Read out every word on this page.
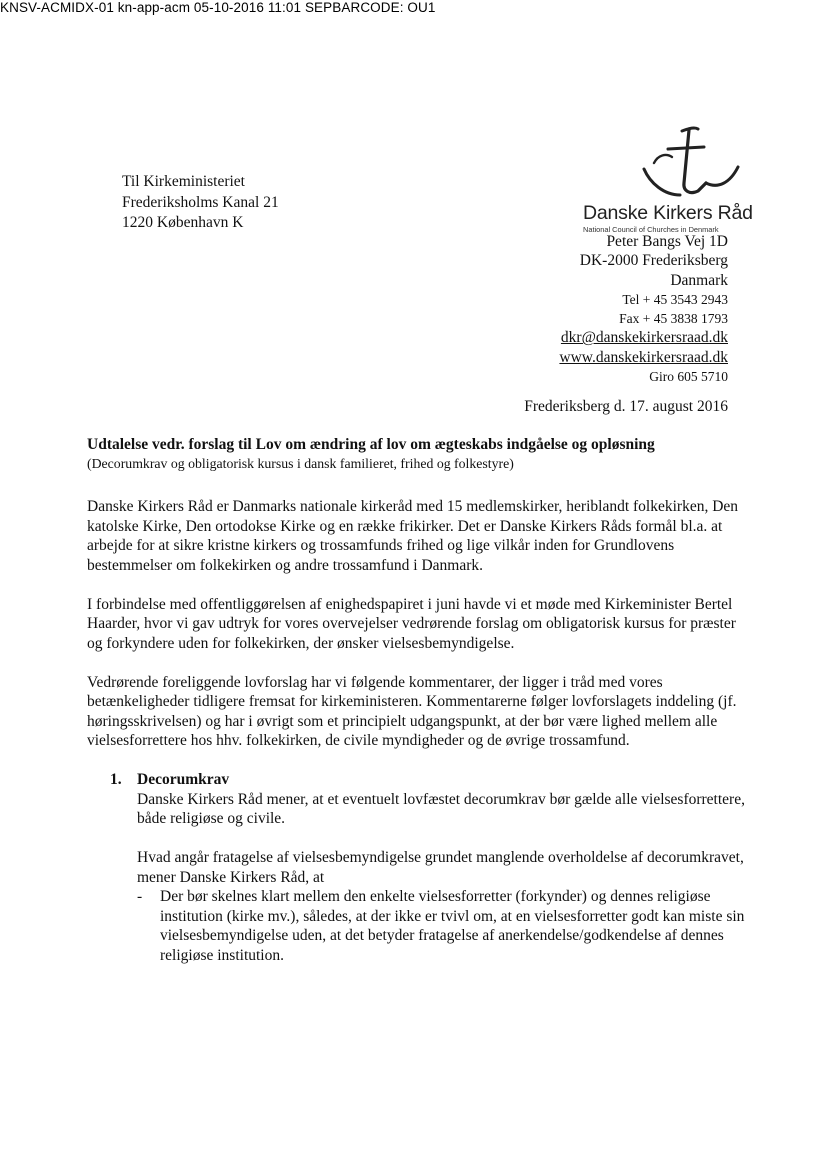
KNSV-ACMIDX-01 kn-app-acm 05-10-2016 11:01 SEPBARCODE: OU1
Til Kirkeministeriet
Frederiksholms Kanal 21
1220 København K	Danske Kirkers Råd
National Council of Churches in Denmark
Peter Bangs Vej 1D
DK-2000 Frederiksberg
Danmark
Tel + 45 3543 2943
Fax + 45 3838 1793
dkr@danskekirkersraad.dk
www.danskekirkersraad.dk
Giro 605 5710
Frederiksberg d. 17. august 2016
Udtalelse vedr. forslag til Lov om ændring af lov om ægteskabs indgåelse og opløsning
(Decorumkrav og obligatorisk kursus i dansk familieret, frihed og folkestyre)

Danske Kirkers Råd er Danmarks nationale kirkeråd med 15 medlemskirker, heriblandt folkekirken, Den katolske Kirke, Den ortodokse Kirke og en række frikirker. Det er Danske Kirkers Råds formål bl.a. at arbejde for at sikre kristne kirkers og trossamfunds frihed og lige vilkår inden for Grundlovens bestemmelser om folkekirken og andre trossamfund i Danmark.

I forbindelse med offentliggørelsen af enighedspapiret i juni havde vi et møde med Kirkeminister Bertel Haarder, hvor vi gav udtryk for vores overvejelser vedrørende forslag om obligatorisk kursus for præster og forkyndere uden for folkekirken, der ønsker vielsesbemyndigelse.

Vedrørende foreliggende lovforslag har vi følgende kommentarer, der ligger i tråd med vores betænkeligheder tidligere fremsat for kirkeministeren. Kommentarerne følger lovforslagets inddeling (jf. høringsskrivelsen) og har i øvrigt som et principielt udgangspunkt, at der bør være lighed mellem alle vielsesforrettere hos hhv. folkekirken, de civile myndigheder og de øvrige trossamfund.

1. Decorumkrav

Danske Kirkers Råd mener, at et eventuelt lovfæstet decorumkrav bør gælde alle vielsesforrettere, både religiøse og civile.

Hvad angår fratagelse af vielsesbemyndigelse grundet manglende overholdelse af decorumkravet, mener Danske Kirkers Råd, at
- Der bør skelnes klart mellem den enkelte vielsesforretter (forkynder) og dennes religiøse institution (kirke mv.), således, at der ikke er tvivl om, at en vielsesforretter godt kan miste sin vielsesbemyndigelse uden, at det betyder fratagelse af anerkendelse/godkendelse af dennes religiøse institution.
